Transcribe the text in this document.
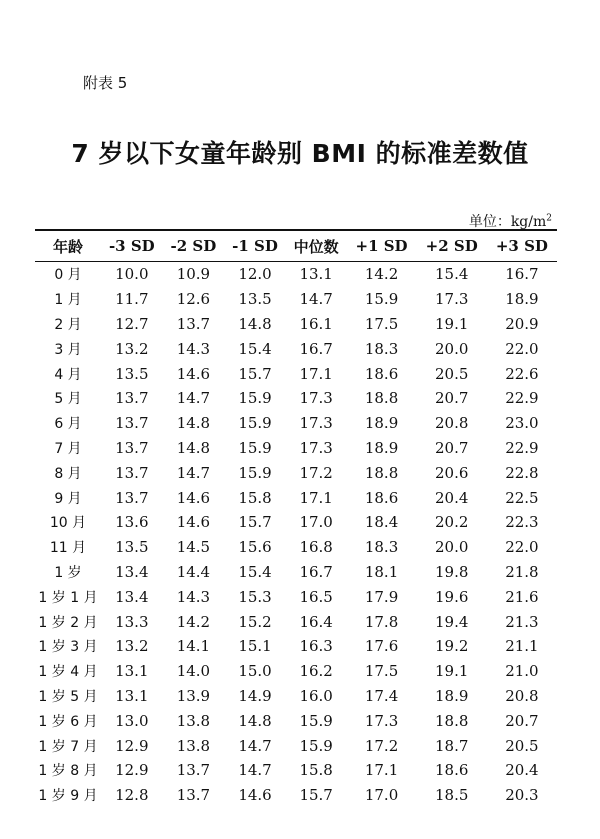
附表 5
7 岁以下女童年龄别 BMI 的标准差数值
单位：$kg/m^2$
年龄	-3 SD	-2 SD	-1 SD	中位数	+1 SD	+2 SD	+3 SD
0 月	10.0	10.9	12.0	13.1	14.2	15.4	16.7
1 月	11.7	12.6	13.5	14.7	15.9	17.3	18.9
2 月	12.7	13.7	14.8	16.1	17.5	19.1	20.9
3 月	13.2	14.3	15.4	16.7	18.3	20.0	22.0
4 月	13.5	14.6	15.7	17.1	18.6	20.5	22.6
5 月	13.7	14.7	15.9	17.3	18.8	20.7	22.9
6 月	13.7	14.8	15.9	17.3	18.9	20.8	23.0
7 月	13.7	14.8	15.9	17.3	18.9	20.7	22.9
8 月	13.7	14.7	15.9	17.2	18.8	20.6	22.8
9 月	13.7	14.6	15.8	17.1	18.6	20.4	22.5
10 月	13.6	14.6	15.7	17.0	18.4	20.2	22.3
11 月	13.5	14.5	15.6	16.8	18.3	20.0	22.0
1 岁	13.4	14.4	15.4	16.7	18.1	19.8	21.8
1 岁 1 月	13.4	14.3	15.3	16.5	17.9	19.6	21.6
1 岁 2 月	13.3	14.2	15.2	16.4	17.8	19.4	21.3
1 岁 3 月	13.2	14.1	15.1	16.3	17.6	19.2	21.1
1 岁 4 月	13.1	14.0	15.0	16.2	17.5	19.1	21.0
1 岁 5 月	13.1	13.9	14.9	16.0	17.4	18.9	20.8
1 岁 6 月	13.0	13.8	14.8	15.9	17.3	18.8	20.7
1 岁 7 月	12.9	13.8	14.7	15.9	17.2	18.7	20.5
1 岁 8 月	12.9	13.7	14.7	15.8	17.1	18.6	20.4
1 岁 9 月	12.8	13.7	14.6	15.7	17.0	18.5	20.3
